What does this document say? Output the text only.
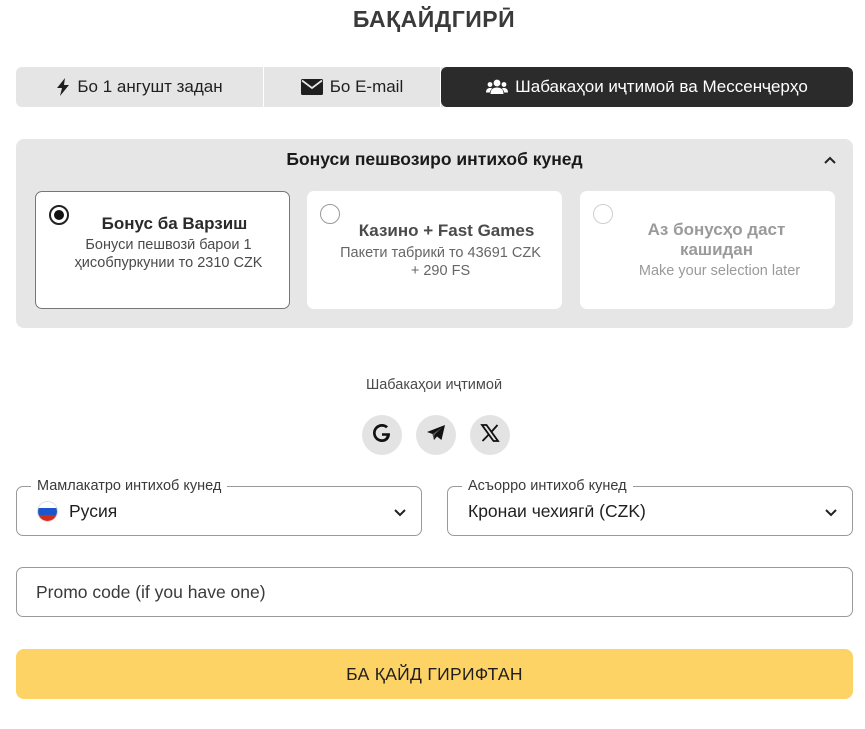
БАҚАЙДГИРӢ
Бо 1 ангушт задан	Бо E-mail	Шабакаҳои иҷтимоӣ ва Мессенҷерҳо
Бонуси пешвозиро интихоб кунед
Бонус ба Варзиш
Бонуси пешвозӣ барои 1 ҳисобпуркунии то 2310 CZK
Казино + Fast Games
Пакети табрикӣ то 43691 CZK + 290 FS
Аз бонусҳо даст кашидан
Make your selection later
Шабакаҳои иҷтимоӣ
Мамлакатро интихоб кунед
Русия
Асъорро интихоб кунед
Кронаи чехиягӣ (CZK)
Promo code (if you have one)
БА ҚАЙД ГИРИФТАН
